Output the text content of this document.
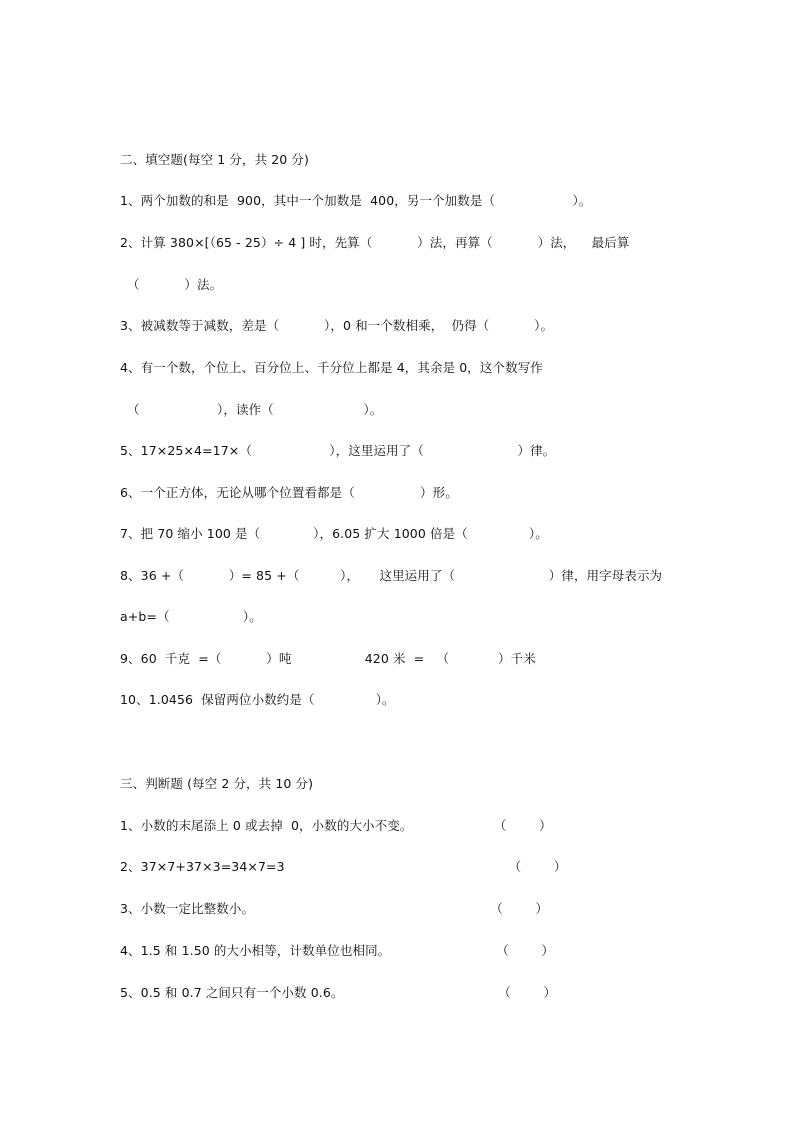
二、填空题(每空 1 分，共 20 分)
1、两个加数的和是  900，其中一个加数是  400，另一个加数是（                   ）。
2、计算 380×[（65 - 25）÷ 4 ] 时，先算（           ）法，再算（           ）法，    最后算
（           ）法。
3、被减数等于减数，差是（           ），0 和一个数相乘，  仍得（           ）。
4、有一个数，个位上、百分位上、千分位上都是 4，其余是 0，这个数写作
（                   ），读作（                      ）。
5、17×25×4=17×（                   ），这里运用了（                       ）律。
6、一个正方体，无论从哪个位置看都是（                ）形。
7、把 70 缩小 100 是（             ），6.05 扩大 1000 倍是（               ）。
8、36 +（           ）= 85 +（          ），     这里运用了（                       ）律，用字母表示为
a+b=（                  ）。
9、60  千克  =（           ）吨                  420 米  =   （            ）千米
10、1.0456  保留两位小数约是（               ）。
三、判断题 (每空 2 分，共 10 分)
1、小数的末尾添上 0 或去掉  0，小数的大小不变。                    （        ）
2、37×7+37×3=34×7=3                                                       （        ）
3、小数一定比整数小。                                                          （        ）
4、1.5 和 1.50 的大小相等，计数单位也相同。                          （        ）
5、0.5 和 0.7 之间只有一个小数 0.6。                                      （        ）
